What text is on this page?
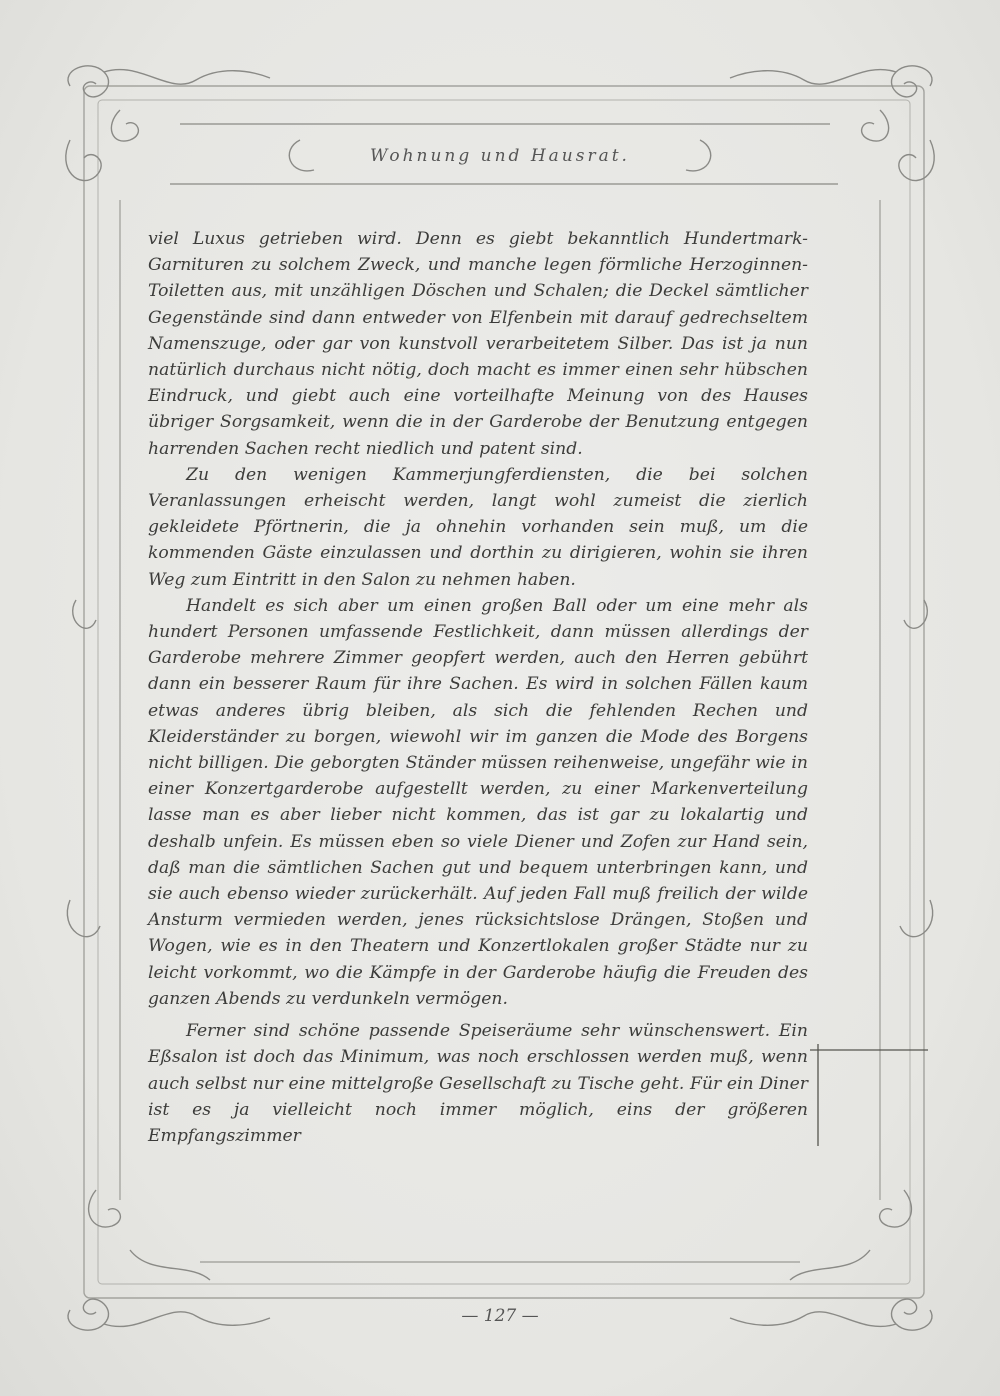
Wohnung und Hausrat.

viel Luxus getrieben wird. Denn es giebt bekanntlich Hundertmark-Garnituren zu solchem Zweck, und manche legen förmliche Herzoginnen-Toiletten aus, mit unzähligen Döschen und Schalen; die Deckel sämtlicher Gegenstände sind dann entweder von Elfenbein mit darauf gedrechseltem Namenszuge, oder gar von kunstvoll verarbeitetem Silber. Das ist ja nun natürlich durchaus nicht nötig, doch macht es immer einen sehr hübschen Eindruck, und giebt auch eine vorteilhafte Meinung von des Hauses übriger Sorgsamkeit, wenn die in der Garderobe der Benutzung entgegen harrenden Sachen recht niedlich und patent sind.

Zu den wenigen Kammerjungferdiensten, die bei solchen Veranlassungen erheischt werden, langt wohl zumeist die zierlich gekleidete Pförtnerin, die ja ohnehin vorhanden sein muß, um die kommenden Gäste einzulassen und dorthin zu dirigieren, wohin sie ihren Weg zum Eintritt in den Salon zu nehmen haben.

Handelt es sich aber um einen großen Ball oder um eine mehr als hundert Personen umfassende Festlichkeit, dann müssen allerdings der Garderobe mehrere Zimmer geopfert werden, auch den Herren gebührt dann ein besserer Raum für ihre Sachen. Es wird in solchen Fällen kaum etwas anderes übrig bleiben, als sich die fehlenden Rechen und Kleiderständer zu borgen, wiewohl wir im ganzen die Mode des Borgens nicht billigen. Die geborgten Ständer müssen reihenweise, ungefähr wie in einer Konzertgarderobe aufgestellt werden, zu einer Markenverteilung lasse man es aber lieber nicht kommen, das ist gar zu lokalartig und deshalb unfein. Es müssen eben so viele Diener und Zofen zur Hand sein, daß man die sämtlichen Sachen gut und bequem unterbringen kann, und sie auch ebenso wieder zurückerhält. Auf jeden Fall muß freilich der wilde Ansturm vermieden werden, jenes rücksichtslose Drängen, Stoßen und Wogen, wie es in den Theatern und Konzertlokalen großer Städte nur zu leicht vorkommt, wo die Kämpfe in der Garderobe häufig die Freuden des ganzen Abends zu verdunkeln vermögen.

Ferner sind schöne passende Speiseräume sehr wünschenswert. Ein Eßsalon ist doch das Minimum, was noch erschlossen werden muß, wenn auch selbst nur eine mittelgroße Gesellschaft zu Tische geht. Für ein Diner ist es ja vielleicht noch immer möglich, eins der größeren Empfangszimmer

— 127 —
